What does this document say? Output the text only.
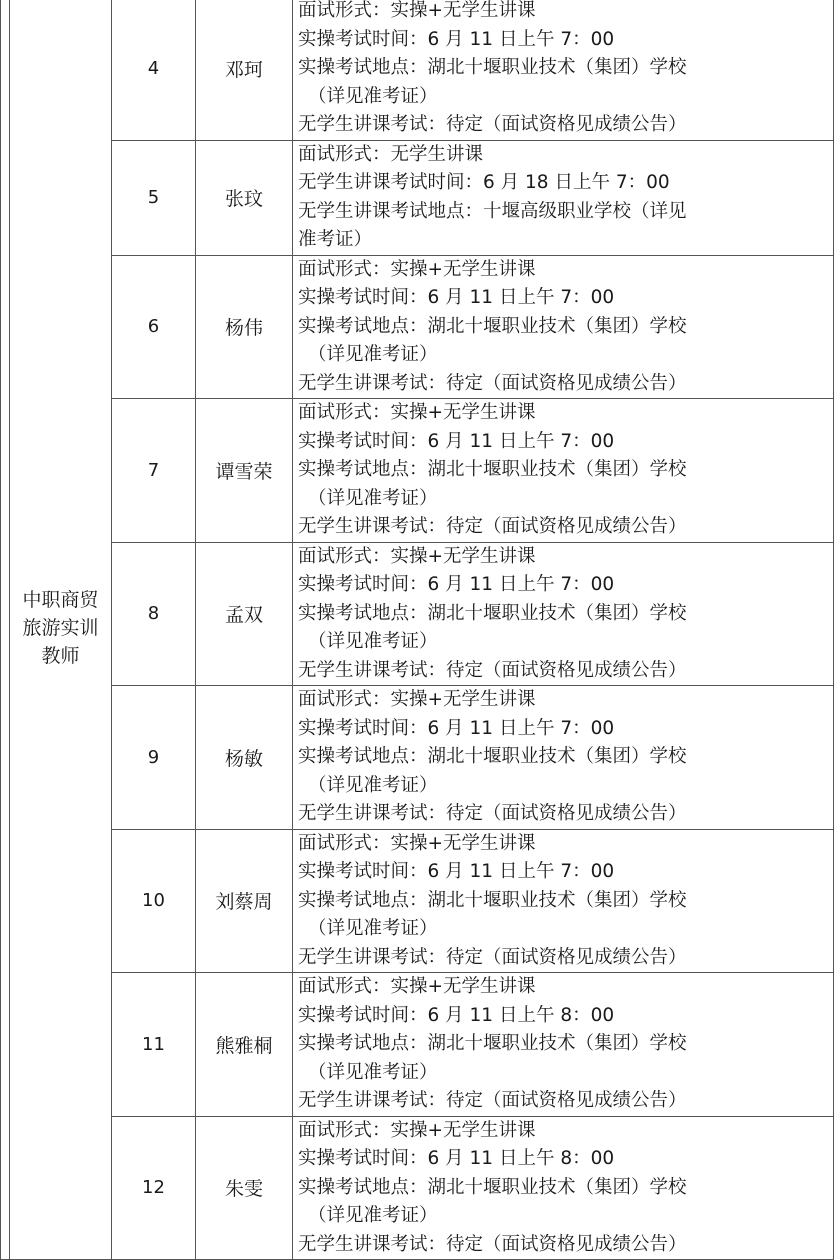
	中职商贸旅游实训教师	4	邓珂	面试形式：实操+无学生讲课
实操考试时间：6 月 11 日上午 7：00
实操考试地点：湖北十堰职业技术（集团）学校
（详见准考证）
无学生讲课考试：待定（面试资格见成绩公告）

		5	张玟	面试形式：无学生讲课
无学生讲课考试时间：6 月 18 日上午 7：00
无学生讲课考试地点：十堰高级职业学校（详见
准考证）

		6	杨伟	面试形式：实操+无学生讲课
实操考试时间：6 月 11 日上午 7：00
实操考试地点：湖北十堰职业技术（集团）学校
（详见准考证）
无学生讲课考试：待定（面试资格见成绩公告）

		7	谭雪荣	面试形式：实操+无学生讲课
实操考试时间：6 月 11 日上午 7：00
实操考试地点：湖北十堰职业技术（集团）学校
（详见准考证）
无学生讲课考试：待定（面试资格见成绩公告）

		8	孟双	面试形式：实操+无学生讲课
实操考试时间：6 月 11 日上午 7：00
实操考试地点：湖北十堰职业技术（集团）学校
（详见准考证）
无学生讲课考试：待定（面试资格见成绩公告）

		9	杨敏	面试形式：实操+无学生讲课
实操考试时间：6 月 11 日上午 7：00
实操考试地点：湖北十堰职业技术（集团）学校
（详见准考证）
无学生讲课考试：待定（面试资格见成绩公告）

		10	刘蔡周	面试形式：实操+无学生讲课
实操考试时间：6 月 11 日上午 7：00
实操考试地点：湖北十堰职业技术（集团）学校
（详见准考证）
无学生讲课考试：待定（面试资格见成绩公告）

		11	熊雅桐	面试形式：实操+无学生讲课
实操考试时间：6 月 11 日上午 8：00
实操考试地点：湖北十堰职业技术（集团）学校
（详见准考证）
无学生讲课考试：待定（面试资格见成绩公告）

		12	朱雯	面试形式：实操+无学生讲课
实操考试时间：6 月 11 日上午 8：00
实操考试地点：湖北十堰职业技术（集团）学校
（详见准考证）
无学生讲课考试：待定（面试资格见成绩公告）
